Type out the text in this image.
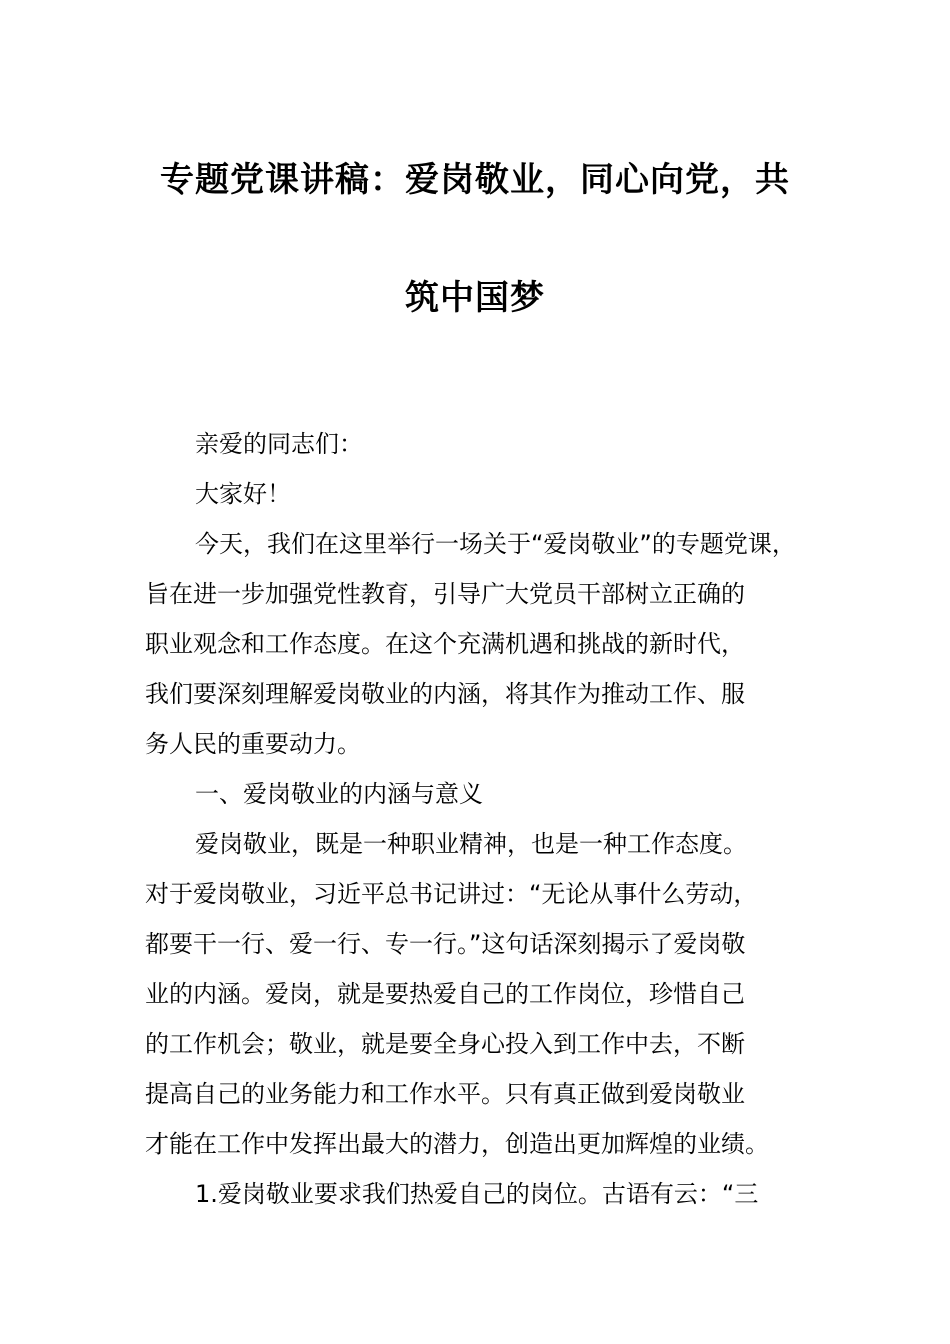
专题党课讲稿：爱岗敬业，同心向党，共
筑中国梦
亲爱的同志们：
大家好！
今天，我们在这里举行一场关于“爱岗敬业”的专题党课，
旨在进一步加强党性教育，引导广大党员干部树立正确的
职业观念和工作态度。在这个充满机遇和挑战的新时代，
我们要深刻理解爱岗敬业的内涵，将其作为推动工作、服
务人民的重要动力。
一、爱岗敬业的内涵与意义
爱岗敬业，既是一种职业精神，也是一种工作态度。
对于爱岗敬业，习近平总书记讲过：“无论从事什么劳动，
都要干一行、爱一行、专一行。”这句话深刻揭示了爱岗敬
业的内涵。爱岗，就是要热爱自己的工作岗位，珍惜自己
的工作机会；敬业，就是要全身心投入到工作中去，不断
提高自己的业务能力和工作水平。只有真正做到爱岗敬业
才能在工作中发挥出最大的潜力，创造出更加辉煌的业绩。
1.爱岗敬业要求我们热爱自己的岗位。古语有云：“三
